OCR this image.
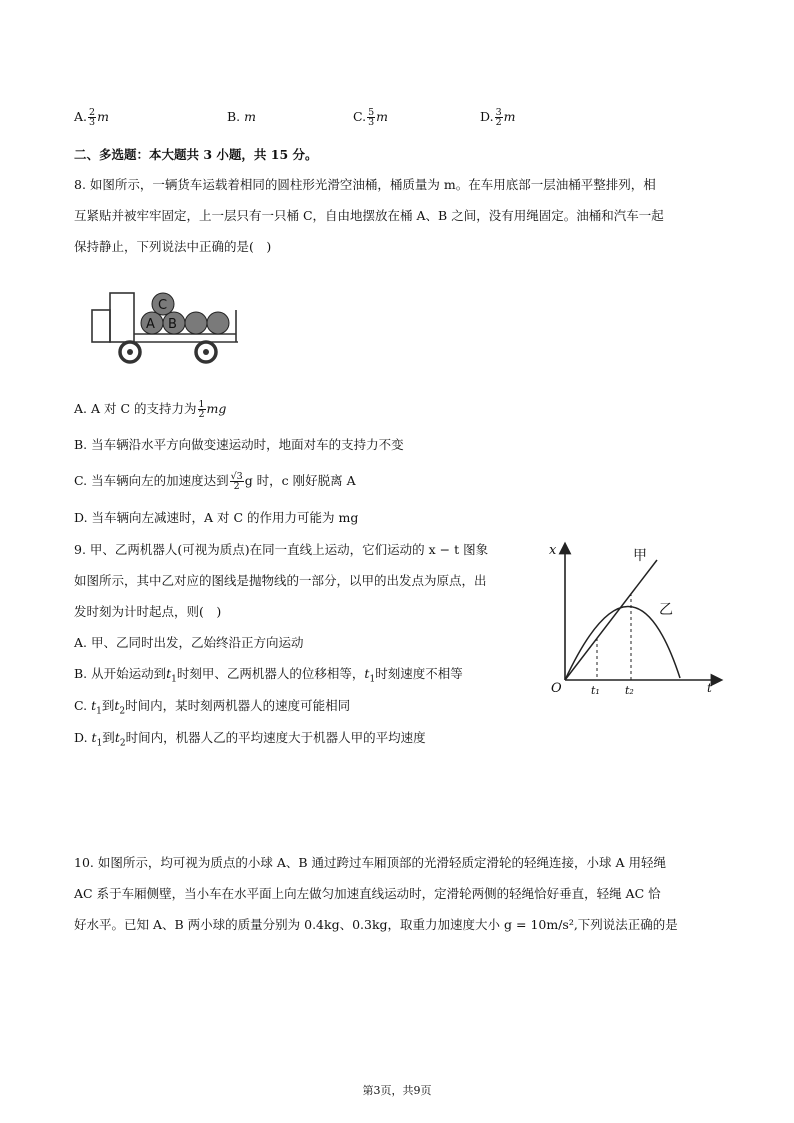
A. $\frac{2}{3}$ m	B. m	C. $\frac{5}{3}$ m	D. $\frac{3}{2}$ m
二、多选题：本大题共 3 小题，共 15 分。
8. 如图所示，一辆货车运载着相同的圆柱形光滑空油桶，桶质量为 m。在车用底部一层油桶平整排列，相
互紧贴并被牢牢固定，上一层只有一只桶 C，自由地摆放在桶 A、B 之间，没有用绳固定。油桶和汽车一起
保持静止，下列说法中正确的是(　)
C
A B
A. A 对 C 的支持力为 $\frac{1}{2}$ mg
B. 当车辆沿水平方向做变速运动时，地面对车的支持力不变
C. 当车辆向左的加速度达到 $\frac{√3}{2}$ g 时，c 刚好脱离 A
D. 当车辆向左减速时，A 对 C 的作用力可能为 mg
9. 甲、乙两机器人(可视为质点)在同一直线上运动，它们运动的 x − t 图象
如图所示，其中乙对应的图线是抛物线的一部分，以甲的出发点为原点，出
发时刻为计时起点，则(　)
A. 甲、乙同时出发，乙始终沿正方向运动
B. 从开始运动到$t_1$时刻甲、乙两机器人的位移相等，$t_1$时刻速度不相等
C. $t_1$到$t_2$时间内，某时刻两机器人的速度可能相同
D. $t_1$到$t_2$时间内，机器人乙的平均速度大于机器人甲的平均速度
x
t
O
甲
乙
t₁ t₂
10. 如图所示，均可视为质点的小球 A、B 通过跨过车厢顶部的光滑轻质定滑轮的轻绳连接，小球 A 用轻绳
AC 系于车厢侧壁，当小车在水平面上向左做匀加速直线运动时，定滑轮两侧的轻绳恰好垂直，轻绳 AC 恰
好水平。已知 A、B 两小球的质量分别为 0.4kg、0.3kg，取重力加速度大小 g = 10m/s²,下列说法正确的是
第3页，共9页
